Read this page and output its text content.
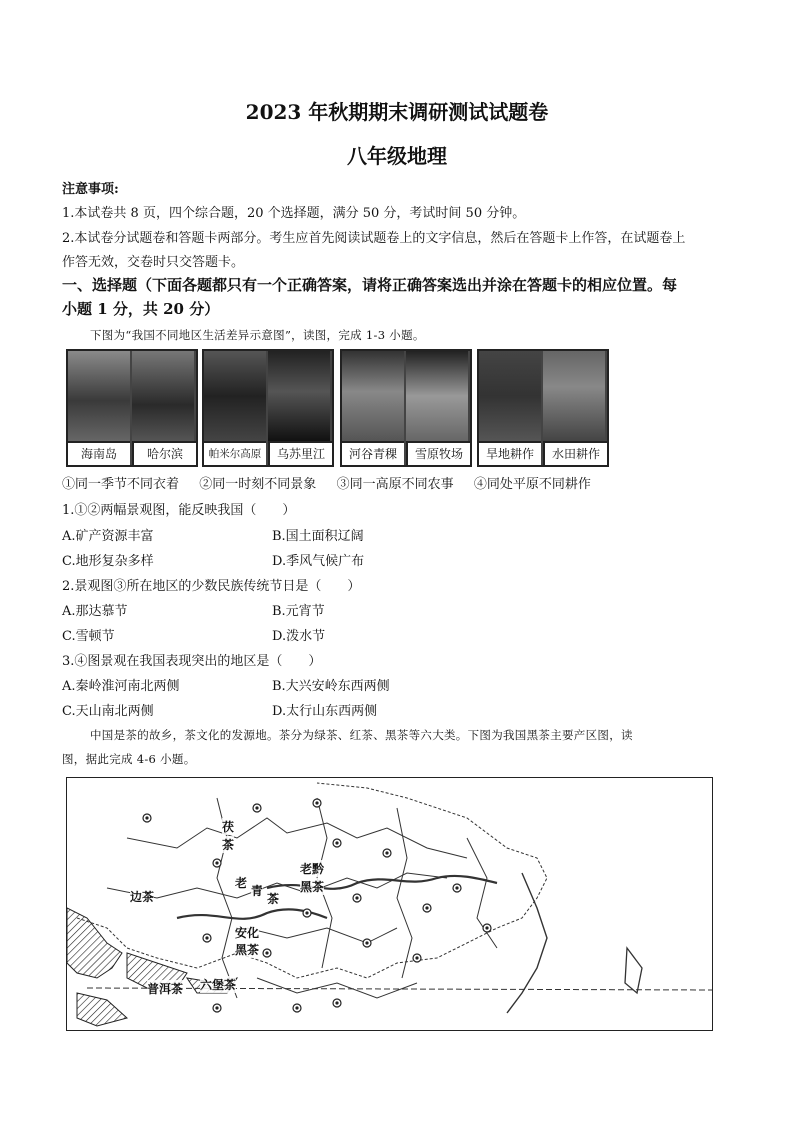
2023 年秋期期末调研测试试题卷
八年级地理
注意事项:
1.本试卷共 8 页，四个综合题，20 个选择题，满分 50 分，考试时间 50 分钟。
2.本试卷分试题卷和答题卡两部分。考生应首先阅读试题卷上的文字信息，然后在答题卡上作答，在试题卷上
作答无效，交卷时只交答题卡。
一、选择题（下面各题都只有一个正确答案，请将正确答案选出并涂在答题卡的相应位置。每
小题 1 分，共 20 分）
下图为“我国不同地区生活差异示意图”，读图，完成 1-3 小题。
海南岛	哈尔滨	帕米尔高原	乌苏里江	河谷青稞	雪原牧场	旱地耕作	水田耕作
①同一季节不同衣着 ②同一时刻不同景象 ③同一高原不同农事 ④同处平原不同耕作
1.①②两幅景观图，能反映我国（　　）
A.矿产资源丰富	B.国土面积辽阔
C.地形复杂多样	D.季风气候广布
2.景观图③所在地区的少数民族传统节日是（　　）
A.那达慕节	B.元宵节
C.雪顿节	D.泼水节
3.④图景观在我国表现突出的地区是（　　）
A.秦岭淮河南北两侧	B.大兴安岭东西两侧
C.天山南北两侧	D.太行山东西两侧
中国是茶的故乡，茶文化的发源地。茶分为绿茶、红茶、黑茶等六大类。下图为我国黑茶主要产区图，读
图，据此完成 4-6 小题。
茯
茶
老
青
茶
老黔
黑茶
边茶
安化
黑茶
普洱茶 六堡茶
